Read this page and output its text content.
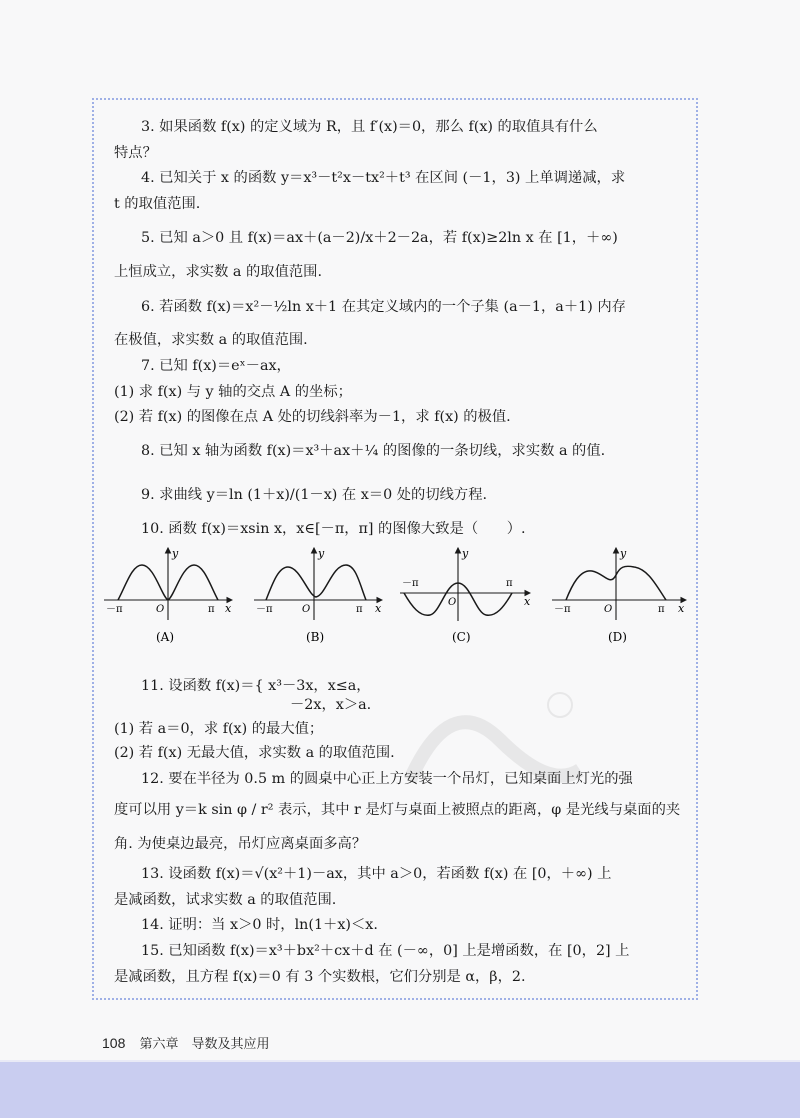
3. 如果函数 f(x) 的定义域为 R，且 f′(x)＝0，那么 f(x) 的取值具有什么
特点？
4. 已知关于 x 的函数 y＝x³－t²x－tx²＋t³ 在区间 (－1，3) 上单调递减，求
t 的取值范围.
5. 已知 a＞0 且 f(x)＝ax＋(a－2)/x＋2－2a，若 f(x)≥2ln x 在 [1，＋∞)
上恒成立，求实数 a 的取值范围.
6. 若函数 f(x)＝x²－½ln x＋1 在其定义域内的一个子集 (a－1，a＋1) 内存
在极值，求实数 a 的取值范围.
7. 已知 f(x)＝eˣ－ax，
(1) 求 f(x) 与 y 轴的交点 A 的坐标；
(2) 若 f(x) 的图像在点 A 处的切线斜率为－1，求 f(x) 的极值.
8. 已知 x 轴为函数 f(x)＝x³＋ax＋¼ 的图像的一条切线，求实数 a 的值.
9. 求曲线 y＝ln (1＋x)/(1－x) 在 x＝0 处的切线方程.
10. 函数 f(x)＝xsin x，x∈[－π，π] 的图像大致是（　　）.
y
x
－π	π
O
(A)
y
x
－π	π
O
(B)
y
x
－π	π
O
(C)
y
x
－π	π
O
(D)
11. 设函数 f(x)＝{ x³－3x，x≤a，
－2x，x＞a.
(1) 若 a＝0，求 f(x) 的最大值；
(2) 若 f(x) 无最大值，求实数 a 的取值范围.
12. 要在半径为 0.5 m 的圆桌中心正上方安装一个吊灯，已知桌面上灯光的强
度可以用 y＝k sin φ / r² 表示，其中 r 是灯与桌面上被照点的距离，φ 是光线与桌面的夹
角. 为使桌边最亮，吊灯应离桌面多高？
13. 设函数 f(x)＝√(x²＋1)－ax，其中 a＞0，若函数 f(x) 在 [0，＋∞) 上
是减函数，试求实数 a 的取值范围.
14. 证明：当 x＞0 时，ln(1＋x)＜x.
15. 已知函数 f(x)＝x³＋bx²＋cx＋d 在 (－∞，0] 上是增函数，在 [0，2] 上
是减函数，且方程 f(x)＝0 有 3 个实数根，它们分别是 α，β，2.
108 第六章　导数及其应用
